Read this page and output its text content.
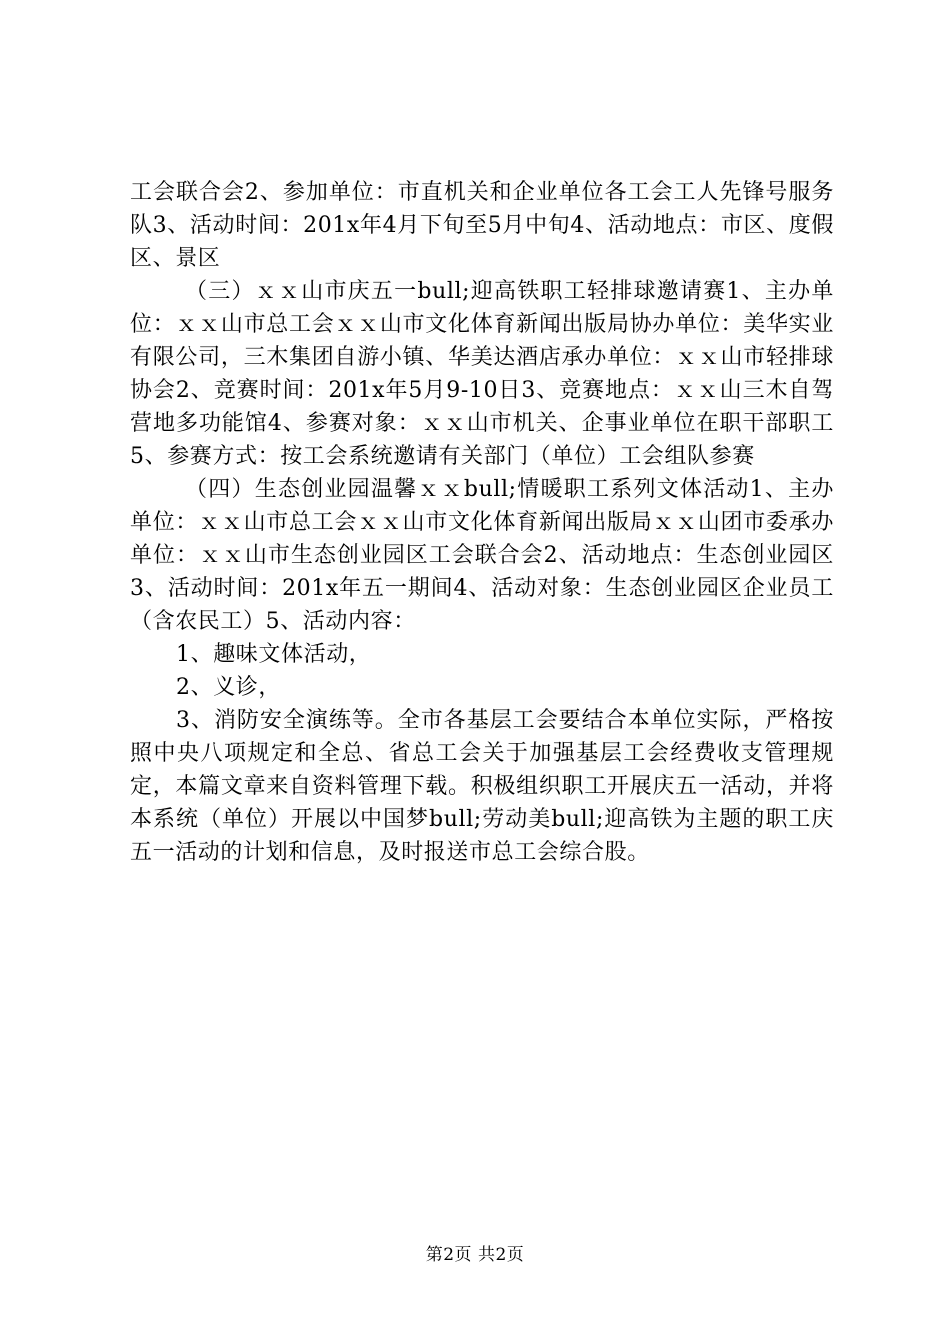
工会联合会2、参加单位：市直机关和企业单位各工会工人先锋号服务队3、活动时间：201x年4月下旬至5月中旬4、活动地点：市区、度假区、景区

（三）ｘｘ山市庆五一bull;迎高铁职工轻排球邀请赛1、主办单位：ｘｘ山市总工会ｘｘ山市文化体育新闻出版局协办单位：美华实业有限公司，三木集团自游小镇、华美达酒店承办单位：ｘｘ山市轻排球协会2、竞赛时间：201x年5月9-10日3、竞赛地点：ｘｘ山三木自驾营地多功能馆4、参赛对象：ｘｘ山市机关、企事业单位在职干部职工5、参赛方式：按工会系统邀请有关部门（单位）工会组队参赛

（四）生态创业园温馨ｘｘbull;情暖职工系列文体活动1、主办单位：ｘｘ山市总工会ｘｘ山市文化体育新闻出版局ｘｘ山团市委承办单位：ｘｘ山市生态创业园区工会联合会2、活动地点：生态创业园区3、活动时间：201x年五一期间4、活动对象：生态创业园区企业员工（含农民工）5、活动内容：

1、趣味文体活动，

2、义诊，

3、消防安全演练等。全市各基层工会要结合本单位实际，严格按照中央八项规定和全总、省总工会关于加强基层工会经费收支管理规定，本篇文章来自资料管理下载。积极组织职工开展庆五一活动，并将本系统（单位）开展以中国梦bull;劳动美bull;迎高铁为主题的职工庆五一活动的计划和信息，及时报送市总工会综合股。

第2页 共2页
